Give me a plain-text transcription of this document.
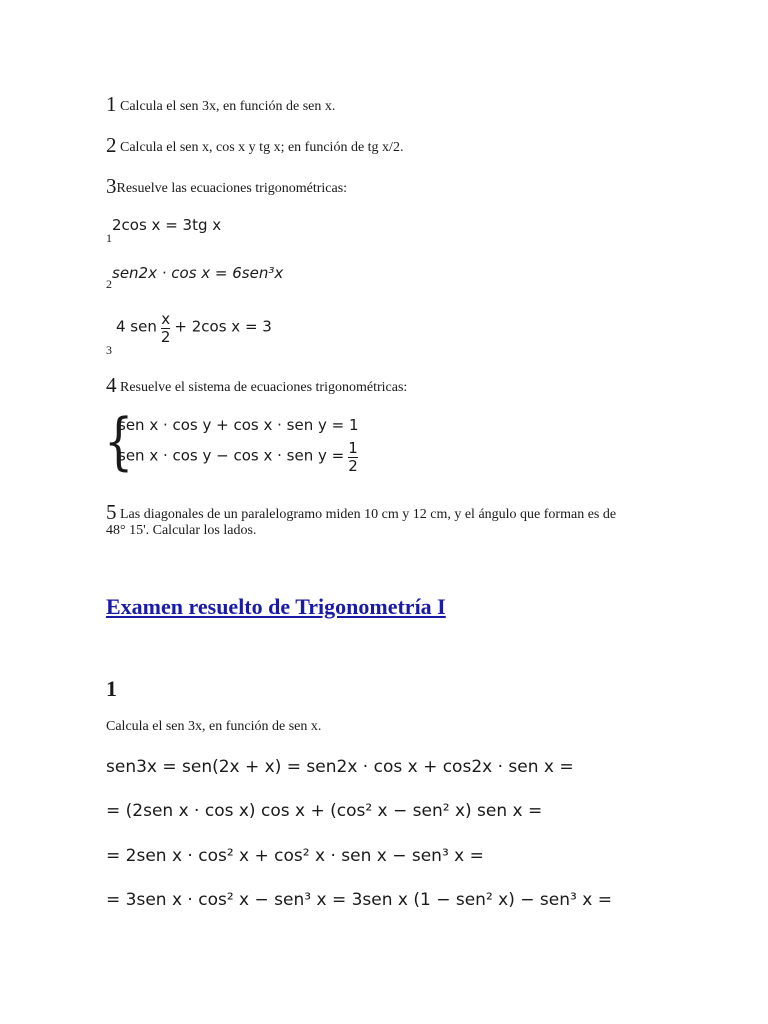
1 Calcula el sen 3x, en función de sen x.
2 Calcula el sen x, cos x y tg x; en función de tg x/2.
3Resuelve las ecuaciones trigonométricas:
$_1$2cos x = 3tg x
$_2$sen2x · cos x = 6sen³x
$_3$ 4 sen $\frac{x}{2} + 2\cos$ x = 3
4 Resuelve el sistema de ecuaciones trigonométricas:
{
sen x · cos y + cos x · sen y = 1
sen x · cos y − cos x · sen $y = \frac{1}{2}$
5 Las diagonales de un paralelogramo miden 10 cm y 12 cm, y el ángulo que forman es de
48° 15'. Calcular los lados.
Examen resuelto de Trigonometría I
1
Calcula el sen 3x, en función de sen x.
sen3x = sen(2x + x) = sen2x · cos x + cos2x · sen x =
= (2sen x · cos x) cos x + (cos² x − sen² x) sen x =
= 2sen x · cos² x + cos² x · sen x − sen³ x =
= 3sen x · cos² x − sen³ x = 3sen x (1 − sen² x) − sen³ x =
